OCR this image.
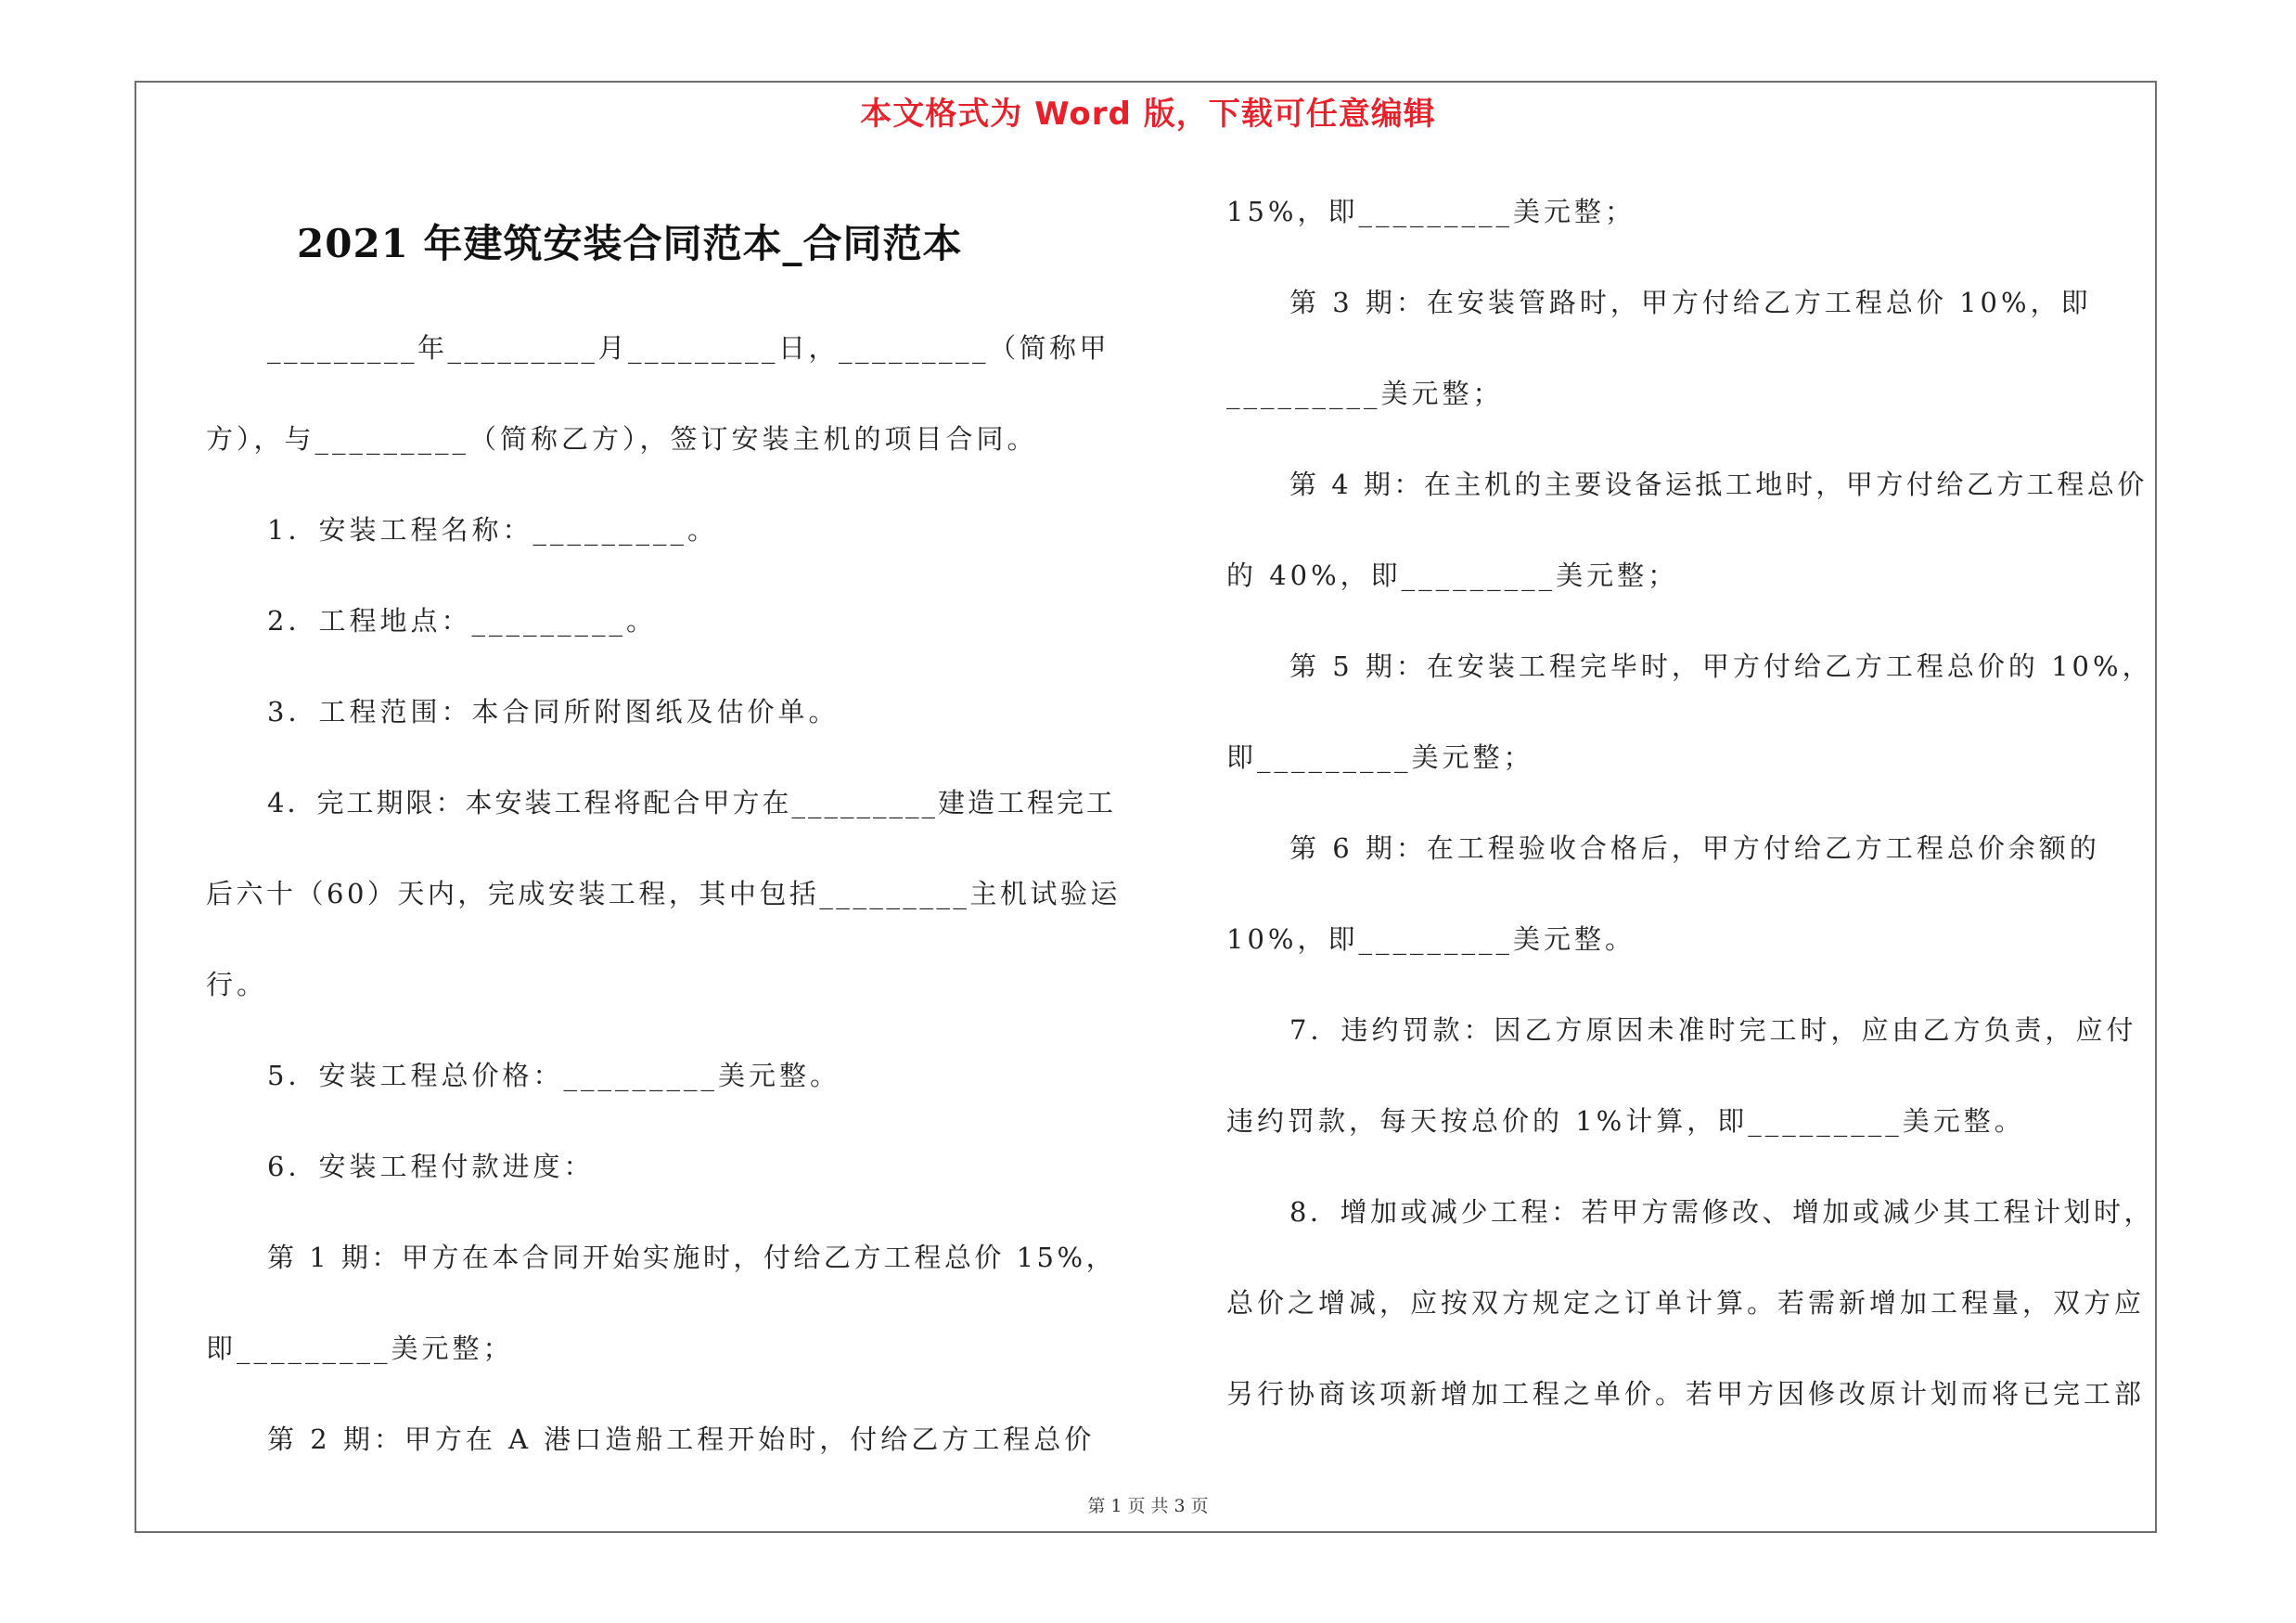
本文格式为 Word 版，下载可任意编辑
2021 年建筑安装合同范本_合同范本
_________年_________月_________日，_________（简称甲
方），与_________（简称乙方），签订安装主机的项目合同。
1．安装工程名称：_________。
2．工程地点：_________。
3．工程范围：本合同所附图纸及估价单。
4．完工期限：本安装工程将配合甲方在_________建造工程完工
后六十（60）天内，完成安装工程，其中包括_________主机试验运
行。
5．安装工程总价格：_________美元整。
6．安装工程付款进度：
第 1 期：甲方在本合同开始实施时，付给乙方工程总价 15%，
即_________美元整；
第 2 期：甲方在 A 港口造船工程开始时，付给乙方工程总价
15%，即_________美元整；
第 3 期：在安装管路时，甲方付给乙方工程总价 10%，即
_________美元整；
第 4 期：在主机的主要设备运抵工地时，甲方付给乙方工程总价
的 40%，即_________美元整；
第 5 期：在安装工程完毕时，甲方付给乙方工程总价的 10%，
即_________美元整；
第 6 期：在工程验收合格后，甲方付给乙方工程总价余额的
10%，即_________美元整。
7．违约罚款：因乙方原因未准时完工时，应由乙方负责，应付
违约罚款，每天按总价的 1%计算，即_________美元整。
8．增加或减少工程：若甲方需修改、增加或减少其工程计划时，
总价之增减，应按双方规定之订单计算。若需新增加工程量，双方应
另行协商该项新增加工程之单价。若甲方因修改原计划而将已完工部
第 1 页 共 3 页
